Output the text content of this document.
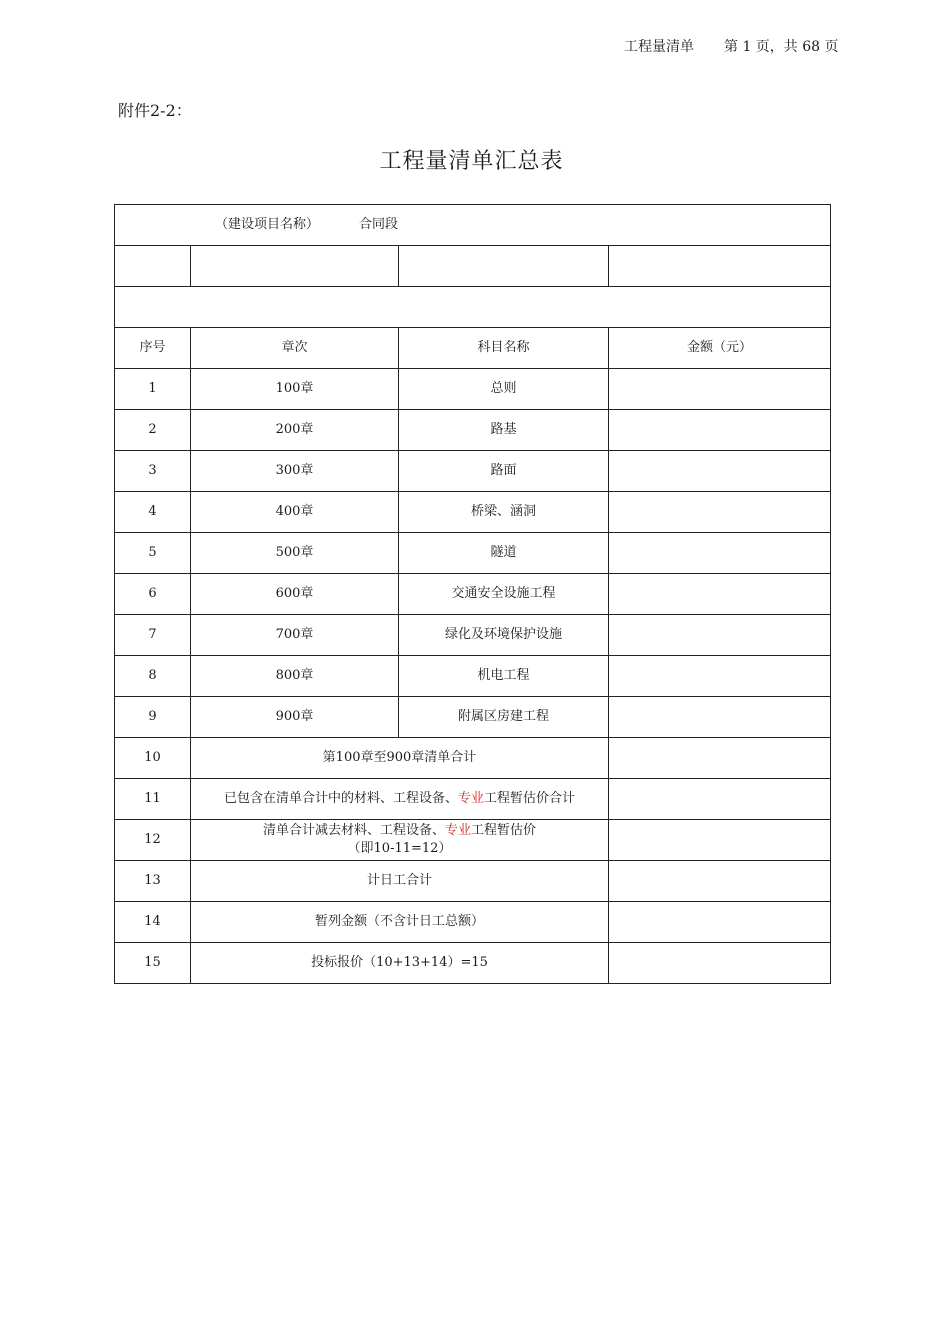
工程量清单 第 1 页，共 68 页
附件2-2：
工程量清单汇总表
（建设项目名称） 合同段			

序号	章次	科目名称	金额（元）
1	100章	总则	
2	200章	路基	
3	300章	路面	
4	400章	桥梁、涵洞	
5	500章	隧道	
6	600章	交通安全设施工程	
7	700章	绿化及环境保护设施	
8	800章	机电工程	
9	900章	附属区房建工程	
10	第100章至900章清单合计		
11	已包含在清单合计中的材料、工程设备、专业工程暂估价合计		
12	清单合计减去材料、工程设备、专业工程暂估价
（即10-11=12）		
13	计日工合计		
14	暂列金额（不含计日工总额）		
15	投标报价（10+13+14）=15		
